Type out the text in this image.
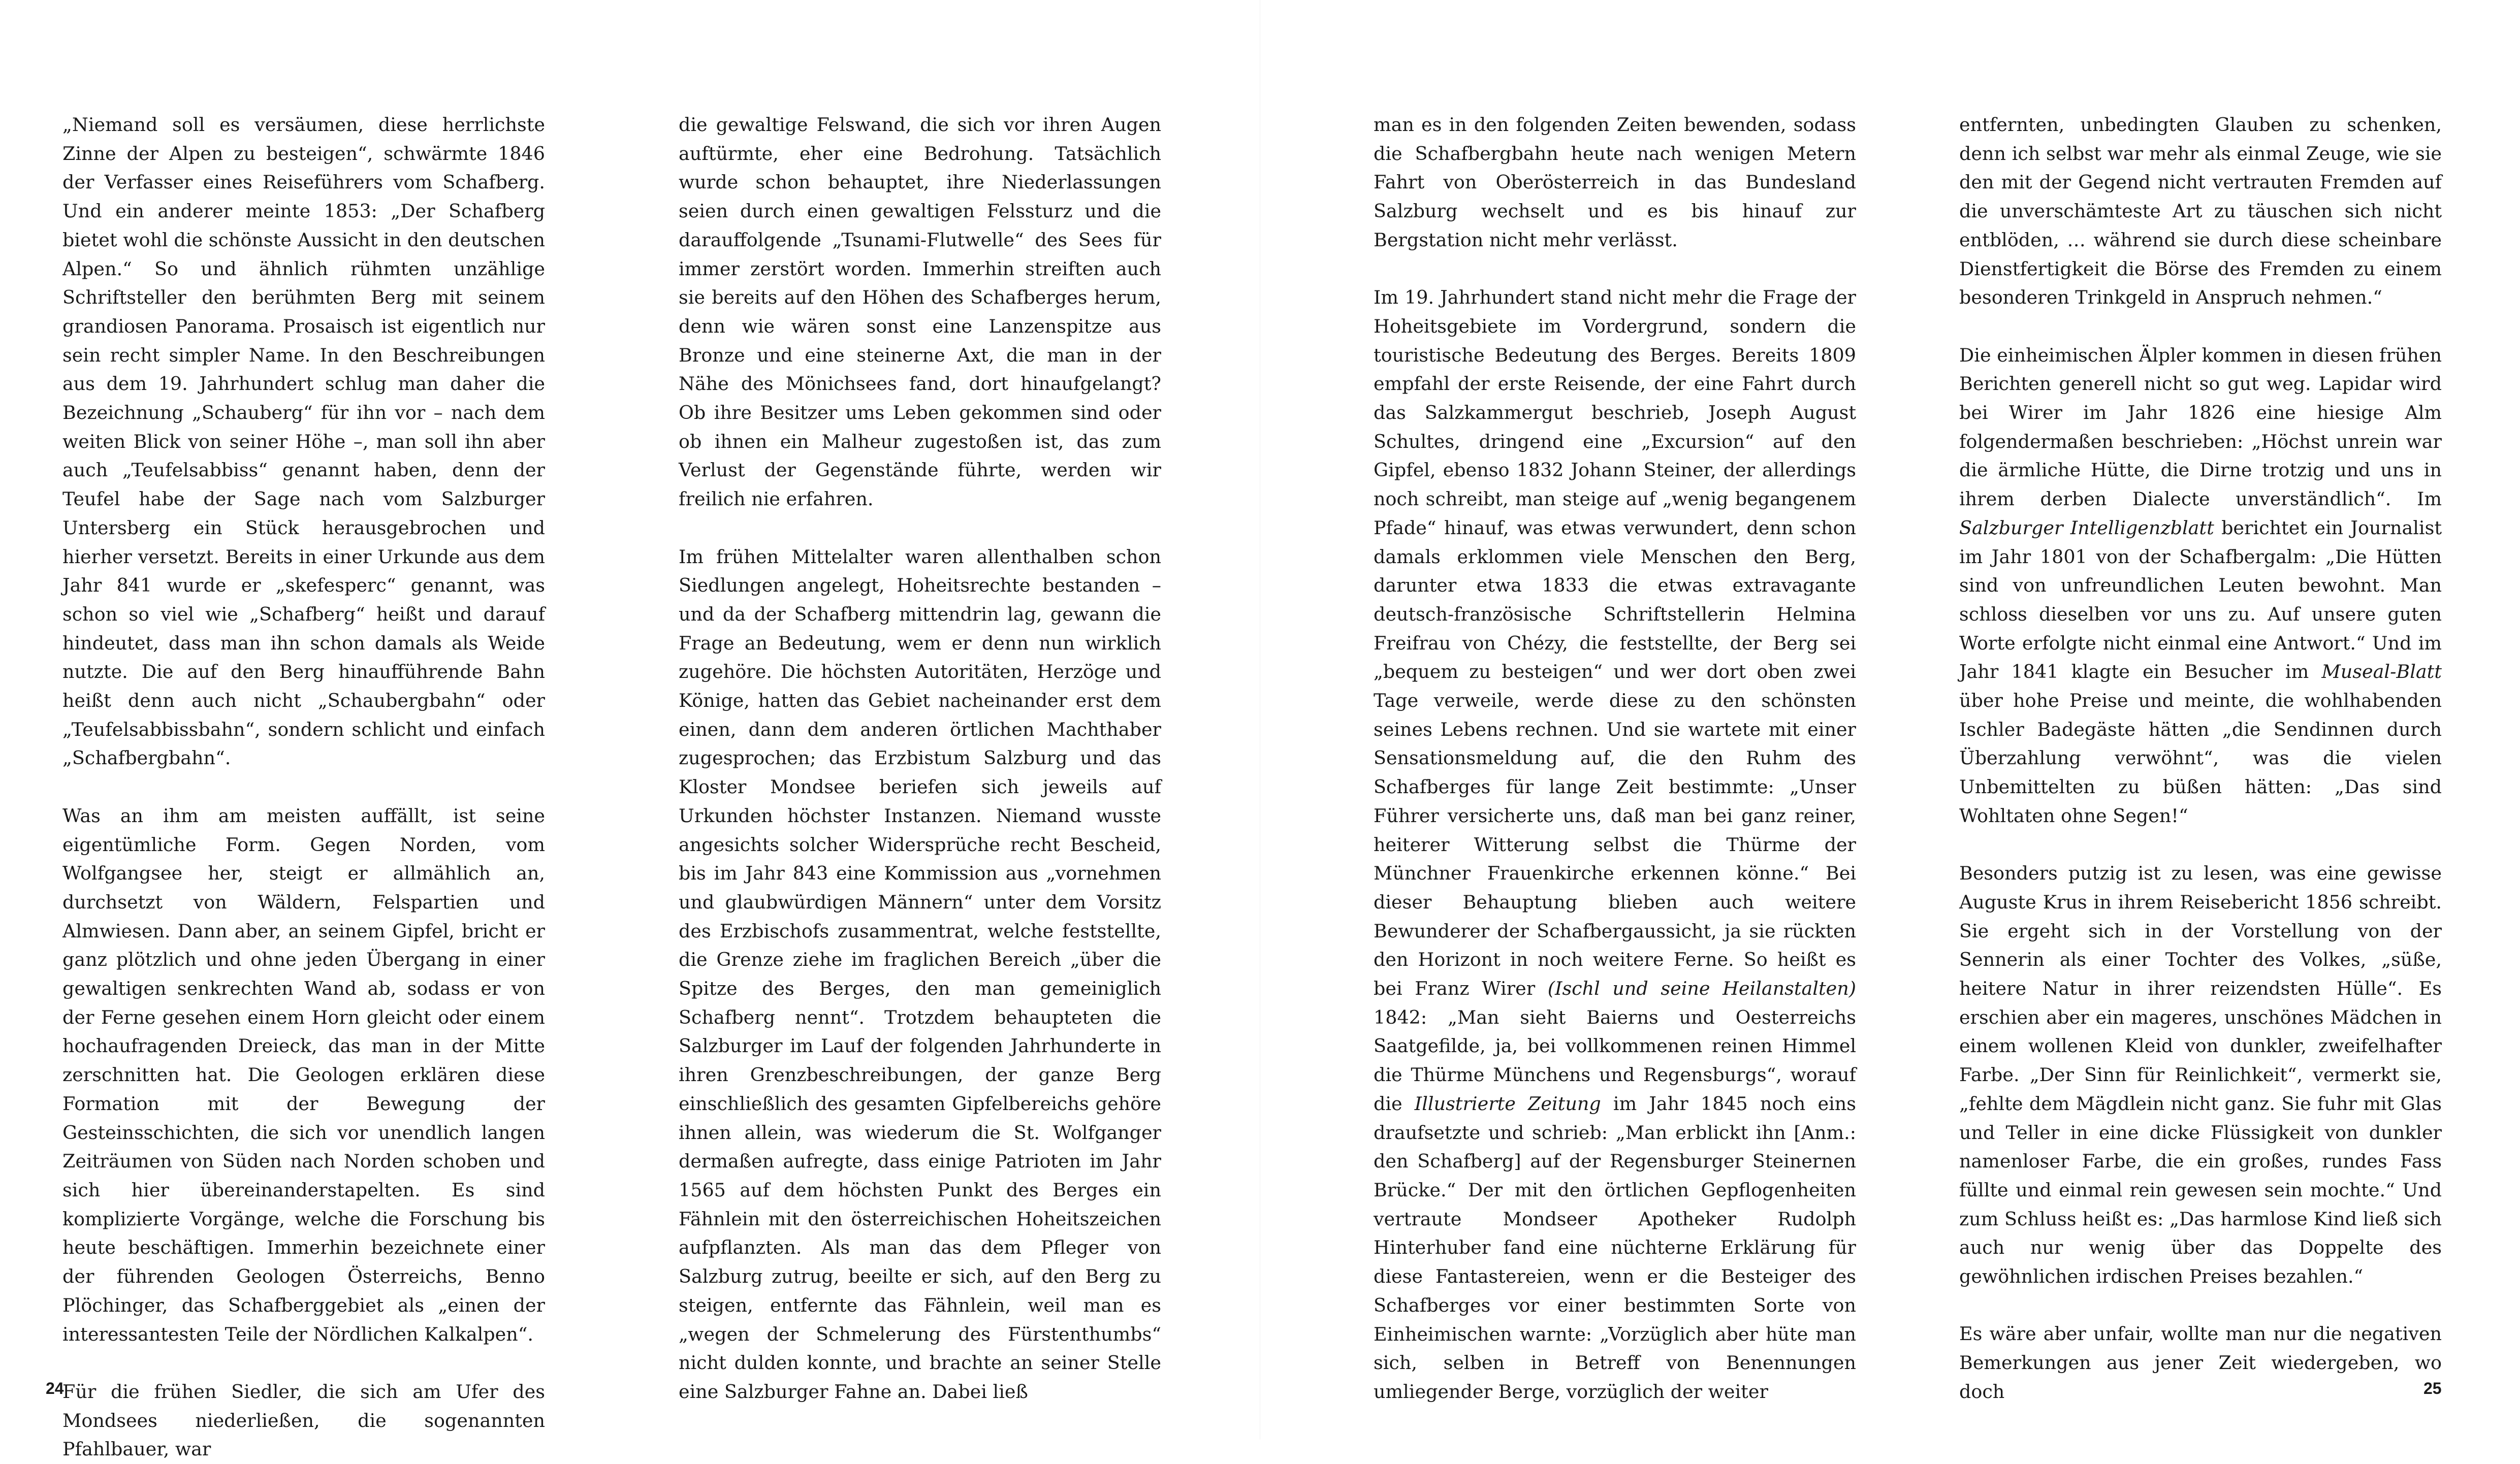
„Niemand soll es versäumen, diese herrlichste Zinne der Alpen zu besteigen“, schwärmte 1846 der Verfasser eines Reiseführers vom Schafberg. Und ein anderer meinte 1853: „Der Schafberg bietet wohl die schönste Aussicht in den deutschen Alpen.“ So und ähnlich rühmten unzählige Schriftsteller den berühmten Berg mit seinem grandiosen Panorama. Prosaisch ist eigentlich nur sein recht simpler Name. In den Beschreibungen aus dem 19. Jahrhundert schlug man daher die Bezeichnung „Schauberg“ für ihn vor – nach dem weiten Blick von seiner Höhe –, man soll ihn aber auch „Teufelsabbiss“ genannt haben, denn der Teufel habe der Sage nach vom Salzburger Untersberg ein Stück herausgebrochen und hierher versetzt. Bereits in einer Urkunde aus dem Jahr 841 wurde er „skefesperc“ genannt, was schon so viel wie „Schafberg“ heißt und darauf hindeutet, dass man ihn schon damals als Weide nutzte. Die auf den Berg hinaufführende Bahn heißt denn auch nicht „Schaubergbahn“ oder „Teufelsabbissbahn“, sondern schlicht und einfach „Schafbergbahn“.

Was an ihm am meisten auffällt, ist seine eigentümliche Form. Gegen Norden, vom Wolfgangsee her, steigt er allmählich an, durchsetzt von Wäldern, Felspartien und Almwiesen. Dann aber, an seinem Gipfel, bricht er ganz plötzlich und ohne jeden Übergang in einer gewaltigen senkrechten Wand ab, sodass er von der Ferne gesehen einem Horn gleicht oder einem hochaufragenden Dreieck, das man in der Mitte zerschnitten hat. Die Geologen erklären diese Formation mit der Bewegung der Gesteinsschichten, die sich vor unendlich langen Zeiträumen von Süden nach Norden schoben und sich hier übereinanderstapelten. Es sind komplizierte Vorgänge, welche die Forschung bis heute beschäftigen. Immerhin bezeichnete einer der führenden Geologen Österreichs, Benno Plöchinger, das Schafberggebiet als „einen der interessantesten Teile der Nördlichen Kalkalpen“.

Für die frühen Siedler, die sich am Ufer des Mondsees niederließen, die sogenannten Pfahlbauer, war

die gewaltige Felswand, die sich vor ihren Augen auftürmte, eher eine Bedrohung. Tatsächlich wurde schon behauptet, ihre Niederlassungen seien durch einen gewaltigen Felssturz und die darauffolgende „Tsunami-Flutwelle“ des Sees für immer zerstört worden. Immerhin streiften auch sie bereits auf den Höhen des Schafberges herum, denn wie wären sonst eine Lanzenspitze aus Bronze und eine steinerne Axt, die man in der Nähe des Mönichsees fand, dort hinaufgelangt? Ob ihre Besitzer ums Leben gekommen sind oder ob ihnen ein Malheur zugestoßen ist, das zum Verlust der Gegenstände führte, werden wir freilich nie erfahren.

Im frühen Mittelalter waren allenthalben schon Siedlungen angelegt, Hoheitsrechte bestanden – und da der Schafberg mittendrin lag, gewann die Frage an Bedeutung, wem er denn nun wirklich zugehöre. Die höchsten Autoritäten, Herzöge und Könige, hatten das Gebiet nacheinander erst dem einen, dann dem anderen örtlichen Machthaber zugesprochen; das Erzbistum Salzburg und das Kloster Mondsee beriefen sich jeweils auf Urkunden höchster Instanzen. Niemand wusste angesichts solcher Widersprüche recht Bescheid, bis im Jahr 843 eine Kommission aus „vornehmen und glaubwürdigen Männern“ unter dem Vorsitz des Erzbischofs zusammentrat, welche feststellte, die Grenze ziehe im fraglichen Bereich „über die Spitze des Berges, den man gemeiniglich Schafberg nennt“. Trotzdem behaupteten die Salzburger im Lauf der folgenden Jahrhunderte in ihren Grenzbeschreibungen, der ganze Berg einschließlich des gesamten Gipfelbereichs gehöre ihnen allein, was wiederum die St. Wolfganger dermaßen aufregte, dass einige Patrioten im Jahr 1565 auf dem höchsten Punkt des Berges ein Fähnlein mit den österreichischen Hoheitszeichen aufpflanzten. Als man das dem Pfleger von Salzburg zutrug, beeilte er sich, auf den Berg zu steigen, entfernte das Fähnlein, weil man es „wegen der Schmelerung des Fürstenthumbs“ nicht dulden konnte, und brachte an seiner Stelle eine Salzburger Fahne an. Dabei ließ

24

man es in den folgenden Zeiten bewenden, sodass die Schafbergbahn heute nach wenigen Metern Fahrt von Oberösterreich in das Bundesland Salzburg wechselt und es bis hinauf zur Bergstation nicht mehr verlässt.

Im 19. Jahrhundert stand nicht mehr die Frage der Hoheitsgebiete im Vordergrund, sondern die touristische Bedeutung des Berges. Bereits 1809 empfahl der erste Reisende, der eine Fahrt durch das Salzkammergut beschrieb, Joseph August Schultes, dringend eine „Excursion“ auf den Gipfel, ebenso 1832 Johann Steiner, der allerdings noch schreibt, man steige auf „wenig begangenem Pfade“ hinauf, was etwas verwundert, denn schon damals erklommen viele Menschen den Berg, darunter etwa 1833 die etwas extravagante deutsch-französische Schriftstellerin Helmina Freifrau von Chézy, die feststellte, der Berg sei „bequem zu besteigen“ und wer dort oben zwei Tage verweile, werde diese zu den schönsten seines Lebens rechnen. Und sie wartete mit einer Sensationsmeldung auf, die den Ruhm des Schafberges für lange Zeit bestimmte: „Unser Führer versicherte uns, daß man bei ganz reiner, heiterer Witterung selbst die Thürme der Münchner Frauenkirche erkennen könne.“ Bei dieser Behauptung blieben auch weitere Bewunderer der Schafbergaussicht, ja sie rückten den Horizont in noch weitere Ferne. So heißt es bei Franz Wirer (Ischl und seine Heilanstalten) 1842: „Man sieht Baierns und Oesterreichs Saatgefilde, ja, bei vollkommenen reinen Himmel die Thürme Münchens und Regensburgs“, worauf die Illustrierte Zeitung im Jahr 1845 noch eins draufsetzte und schrieb: „Man erblickt ihn [Anm.: den Schafberg] auf der Regensburger Steinernen Brücke.“ Der mit den örtlichen Gepflogenheiten vertraute Mondseer Apotheker Rudolph Hinterhuber fand eine nüchterne Erklärung für diese Fantastereien, wenn er die Besteiger des Schafberges vor einer bestimmten Sorte von Einheimischen warnte: „Vorzüglich aber hüte man sich, selben in Betreff von Benennungen umliegender Berge, vorzüglich der weiter

entfernten, unbedingten Glauben zu schenken, denn ich selbst war mehr als einmal Zeuge, wie sie den mit der Gegend nicht vertrauten Fremden auf die unverschämteste Art zu täuschen sich nicht entblöden, … während sie durch diese scheinbare Dienstfertigkeit die Börse des Fremden zu einem besonderen Trinkgeld in Anspruch nehmen.“

Die einheimischen Älpler kommen in diesen frühen Berichten generell nicht so gut weg. Lapidar wird bei Wirer im Jahr 1826 eine hiesige Alm folgendermaßen beschrieben: „Höchst unrein war die ärmliche Hütte, die Dirne trotzig und uns in ihrem derben Dialecte unverständlich“. Im Salzburger Intelligenzblatt berichtet ein Journalist im Jahr 1801 von der Schafbergalm: „Die Hütten sind von unfreundlichen Leuten bewohnt. Man schloss dieselben vor uns zu. Auf unsere guten Worte erfolgte nicht einmal eine Antwort.“ Und im Jahr 1841 klagte ein Besucher im Museal-Blatt über hohe Preise und meinte, die wohlhabenden Ischler Badegäste hätten „die Sendinnen durch Überzahlung verwöhnt“, was die vielen Unbemittelten zu büßen hätten: „Das sind Wohltaten ohne Segen!“

Besonders putzig ist zu lesen, was eine gewisse Auguste Krus in ihrem Reisebericht 1856 schreibt. Sie ergeht sich in der Vorstellung von der Sennerin als einer Tochter des Volkes, „süße, heitere Natur in ihrer reizendsten Hülle“. Es erschien aber ein mageres, unschönes Mädchen in einem wollenen Kleid von dunkler, zweifelhafter Farbe. „Der Sinn für Reinlichkeit“, vermerkt sie, „fehlte dem Mägdlein nicht ganz. Sie fuhr mit Glas und Teller in eine dicke Flüssigkeit von dunkler namenloser Farbe, die ein großes, rundes Fass füllte und einmal rein gewesen sein mochte.“ Und zum Schluss heißt es: „Das harmlose Kind ließ sich auch nur wenig über das Doppelte des gewöhnlichen irdischen Preises bezahlen.“

Es wäre aber unfair, wollte man nur die negativen Bemerkungen aus jener Zeit wiedergeben, wo doch	25
